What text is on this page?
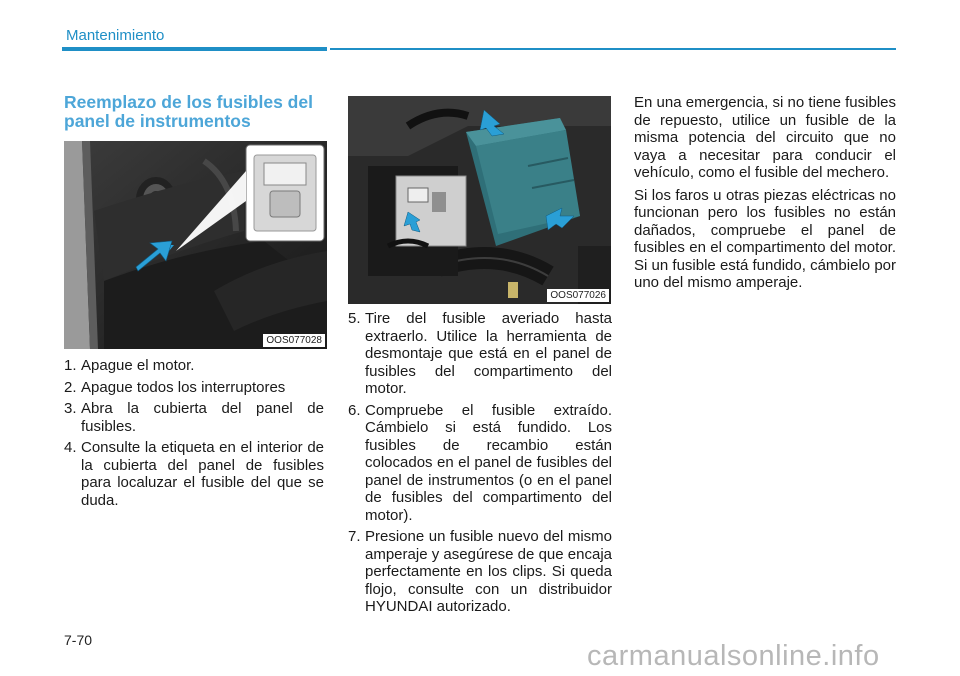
Mantenimiento
Reemplazo de los fusibles del
panel de instrumentos
OOS077028
OOS077026
1. Apague el motor.
2. Apague todos los interruptores
3. Abra la cubierta del panel de fusibles.
4. Consulte la etiqueta en el interior de la cubierta del panel de fusibles para localuzar el fusible del que se duda.
5. Tire del fusible averiado hasta extraerlo. Utilice la herramienta de desmontaje que está en el panel de fusibles del compartimento del motor.
6. Compruebe el fusible extraído. Cámbielo si está fundido. Los fusibles de recambio están colocados en el panel de fusibles del panel de instrumentos (o en el panel de fusibles del compartimento del motor).
7. Presione un fusible nuevo del mismo amperaje y asegúrese de que encaja perfectamente en los clips. Si queda flojo, consulte con un distribuidor HYUNDAI autorizado.

En una emergencia, si no tiene fusibles de repuesto, utilice un fusible de la misma potencia del circuito que no vaya a necesitar para conducir el vehículo, como el fusible del mechero.

Si los faros u otras piezas eléctricas no funcionan pero los fusibles no están dañados, compruebe el panel de fusibles en el compartimento del motor. Si un fusible está fundido, cámbielo por uno del mismo amperaje.

7-70	carmanualsonline.info
